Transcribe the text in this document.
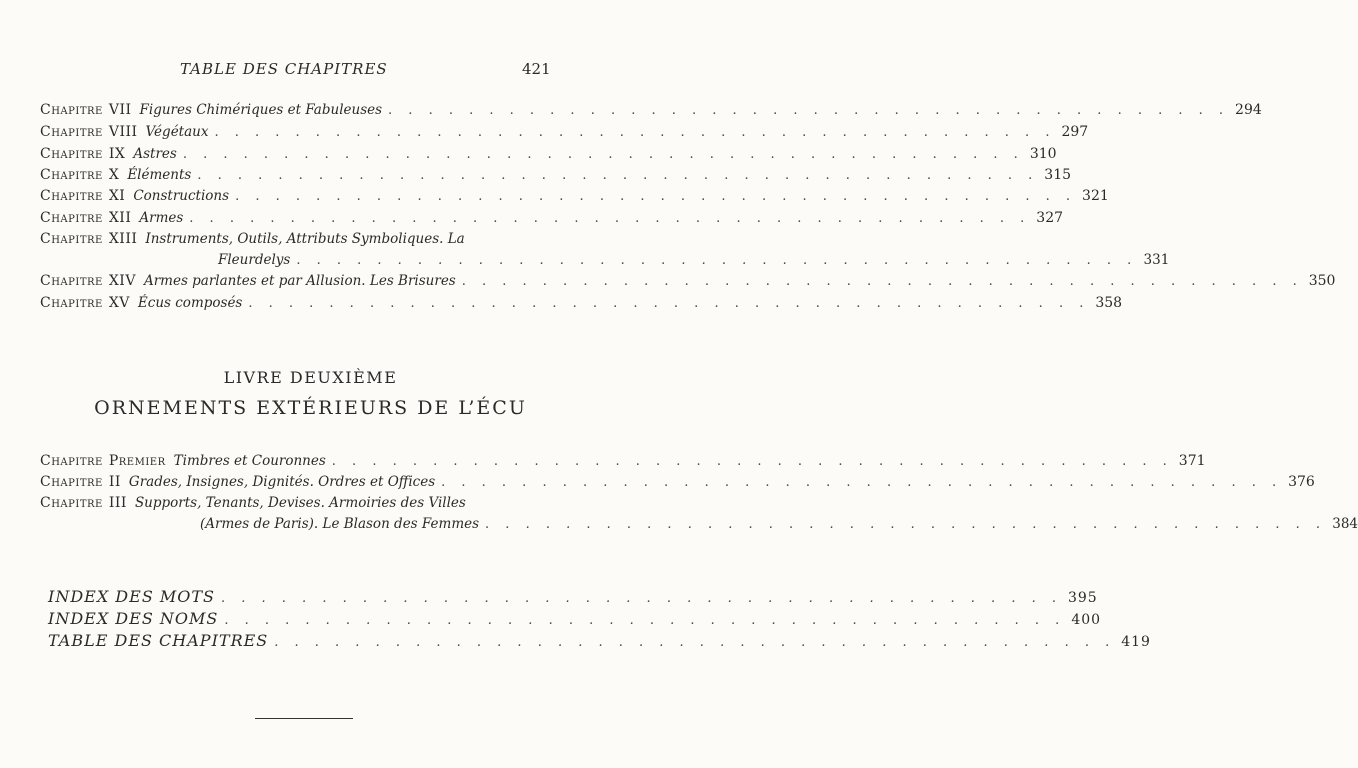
TABLE DES CHAPITRES	421
Chapitre VII Figures Chimériques et Fabuleuses . . . . . . . . . . . . . . . . . . . . . . . . . . . . . . . . . . . . . . . . . . 294
Chapitre VIII Végétaux . . . . . . . . . . . . . . . . . . . . . . . . . . . . . . . . . . . . . . . . . . 297
Chapitre IX Astres . . . . . . . . . . . . . . . . . . . . . . . . . . . . . . . . . . . . . . . . . . 310
Chapitre X Éléments . . . . . . . . . . . . . . . . . . . . . . . . . . . . . . . . . . . . . . . . . . 315
Chapitre XI Constructions . . . . . . . . . . . . . . . . . . . . . . . . . . . . . . . . . . . . . . . . . . 321
Chapitre XII Armes . . . . . . . . . . . . . . . . . . . . . . . . . . . . . . . . . . . . . . . . . . 327
Chapitre XIII Instruments, Outils, Attributs Symboliques. La
Fleurdelys . . . . . . . . . . . . . . . . . . . . . . . . . . . . . . . . . . . . . . . . . . 331
Chapitre XIV Armes parlantes et par Allusion. Les Brisures . . . . . . . . . . . . . . . . . . . . . . . . . . . . . . . . . . . . . . . . . . 350
Chapitre XV Écus composés . . . . . . . . . . . . . . . . . . . . . . . . . . . . . . . . . . . . . . . . . . 358
LIVRE DEUXIÈME
ORNEMENTS EXTÉRIEURS DE L’ÉCU
Chapitre Premier Timbres et Couronnes . . . . . . . . . . . . . . . . . . . . . . . . . . . . . . . . . . . . . . . . . . 371
Chapitre II Grades, Insignes, Dignités. Ordres et Offices . . . . . . . . . . . . . . . . . . . . . . . . . . . . . . . . . . . . . . . . . . 376
Chapitre III Supports, Tenants, Devises. Armoiries des Villes
(Armes de Paris). Le Blason des Femmes . . . . . . . . . . . . . . . . . . . . . . . . . . . . . . . . . . . . . . . . . . 384
INDEX DES MOTS . . . . . . . . . . . . . . . . . . . . . . . . . . . . . . . . . . . . . . . . . . 395
INDEX DES NOMS . . . . . . . . . . . . . . . . . . . . . . . . . . . . . . . . . . . . . . . . . . 400
TABLE DES CHAPITRES . . . . . . . . . . . . . . . . . . . . . . . . . . . . . . . . . . . . . . . . . . 419
